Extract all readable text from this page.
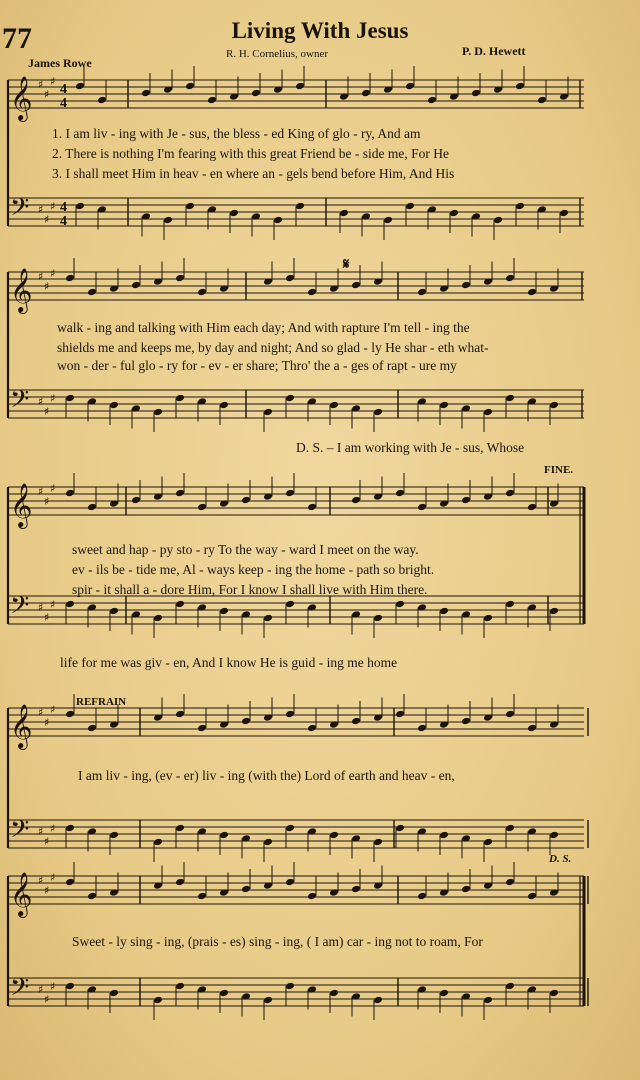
77	Living With Jesus
James Rowe
R. H. Cornelius, owner	P. D. Hewett
𝄞 ♯
♯
♯
4
4
𝄢 ♯
♯
♯ 4
4
𝄞 ♯
♯
♯
𝄢 ♯
♯
♯
𝄞 ♯
♯
♯
𝄢 ♯
♯
♯
𝄞 ♯
♯
♯
𝄢 ♯
♯
♯
𝄞 ♯
♯
♯
𝄢 ♯
♯
♯
1. I am liv - ing with Je - sus, the bless - ed King of glo - ry, And am
2. There is nothing I'm fearing with this great Friend be - side me, For He
3. I shall meet Him in heav - en where an - gels bend before Him, And His
walk - ing and talking with Him each day; And with rapture I'm tell - ing the
shields me and keeps me, by day and night; And so glad - ly He shar - eth what-
won - der - ful glo - ry for - ev - er share; Thro' the a - ges of rapt - ure my
D. S. – I am working with Je - sus, Whose
𝄋
FINE.
sweet and hap - py sto - ry To the way - ward I meet on the way.
ev - ils be - tide me, Al - ways keep - ing the home - path so bright.
spir - it shall a - dore Him, For I know I shall live with Him there.
life for me was giv - en, And I know He is guid - ing me home
REFRAIN
I am liv - ing, (ev - er) liv - ing (with the) Lord of earth and heav - en,
D. S.
Sweet - ly sing - ing, (prais - es) sing - ing, ( I am) car - ing not to roam, For
